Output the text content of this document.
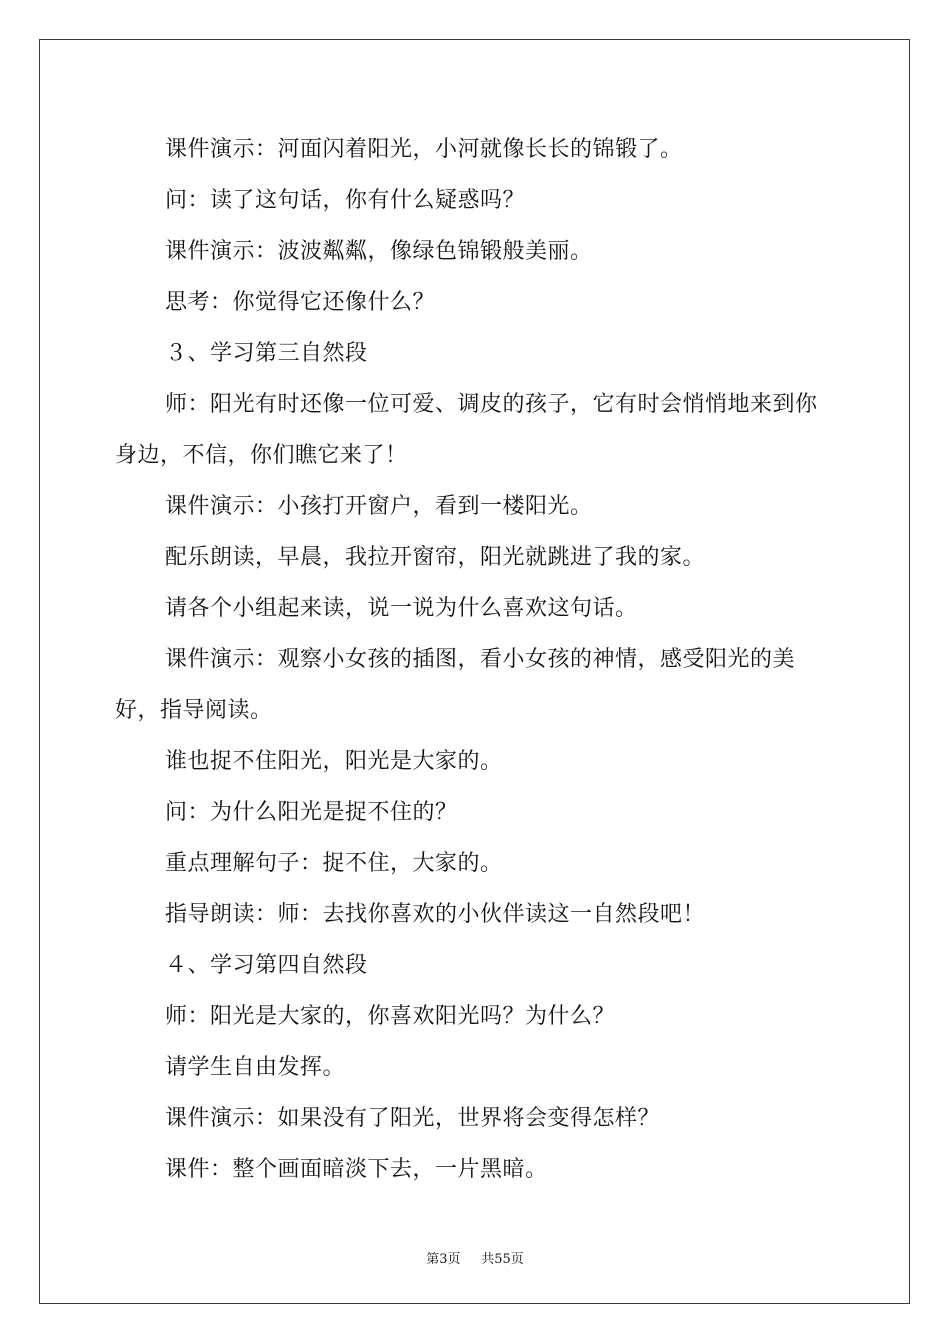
课件演示：河面闪着阳光，小河就像长长的锦锻了。

问：读了这句话，你有什么疑惑吗？

课件演示：波波粼粼，像绿色锦锻般美丽。

思考：你觉得它还像什么？

３、学习第三自然段

师：阳光有时还像一位可爱、调皮的孩子，它有时会悄悄地来到你身边，不信，你们瞧它来了！

课件演示：小孩打开窗户，看到一楼阳光。

配乐朗读，早晨，我拉开窗帘，阳光就跳进了我的家。

请各个小组起来读，说一说为什么喜欢这句话。

课件演示：观察小女孩的插图，看小女孩的神情，感受阳光的美好，指导阅读。

谁也捉不住阳光，阳光是大家的。

问：为什么阳光是捉不住的？

重点理解句子：捉不住，大家的。

指导朗读：师：去找你喜欢的小伙伴读这一自然段吧！

４、学习第四自然段

师：阳光是大家的，你喜欢阳光吗？为什么？

请学生自由发挥。

课件演示：如果没有了阳光，世界将会变得怎样？

课件：整个画面暗淡下去，一片黑暗。

第3页 共55页
